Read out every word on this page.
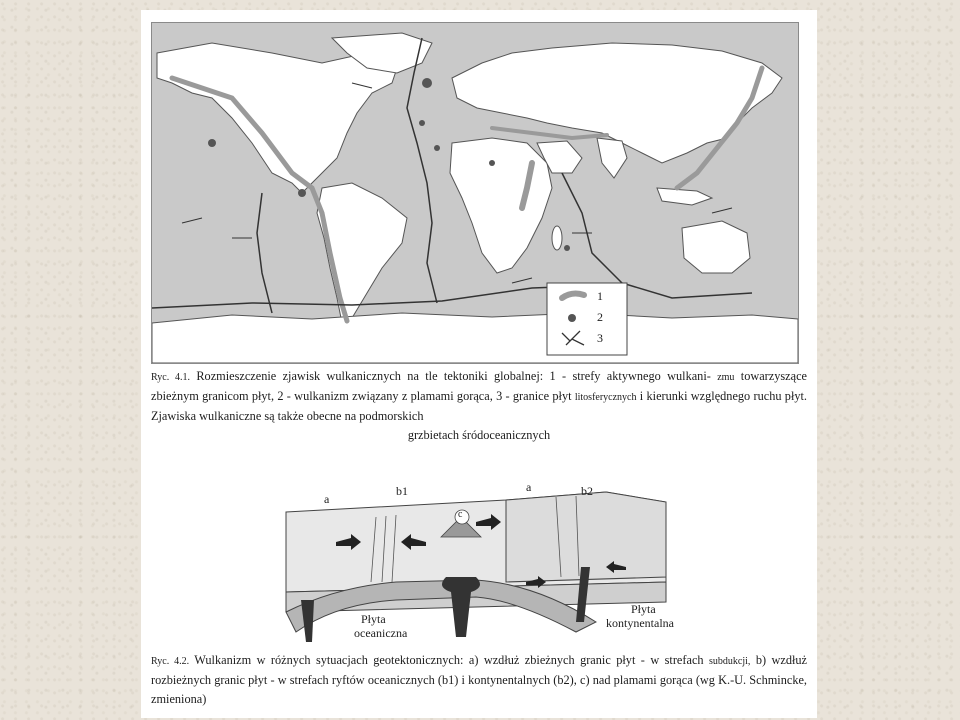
1
2
3
Ryc. 4.1. Rozmieszczenie zjawisk wulkanicznych na tle tektoniki globalnej: 1 - strefy aktywnego wulkani- zmu towarzyszące zbieżnym granicom płyt, 2 - wulkanizm związany z plamami gorąca, 3 - granice płyt litosferycznych i kierunki względnego ruchu płyt. Zjawiska wulkaniczne są także obecne na podmorskich
grzbietach śródoceanicznych
a
b1
c
a	b2
Płyta
oceaniczna
Płyta
kontynentalna
Ryc. 4.2. Wulkanizm w różnych sytuacjach geotektonicznych: a) wzdłuż zbieżnych granic płyt - w strefach subdukcji, b) wzdłuż rozbieżnych granic płyt - w strefach ryftów oceanicznych (b1) i kontynentalnych (b2), c) nad plamami gorąca (wg K.-U. Schmincke, zmieniona)
